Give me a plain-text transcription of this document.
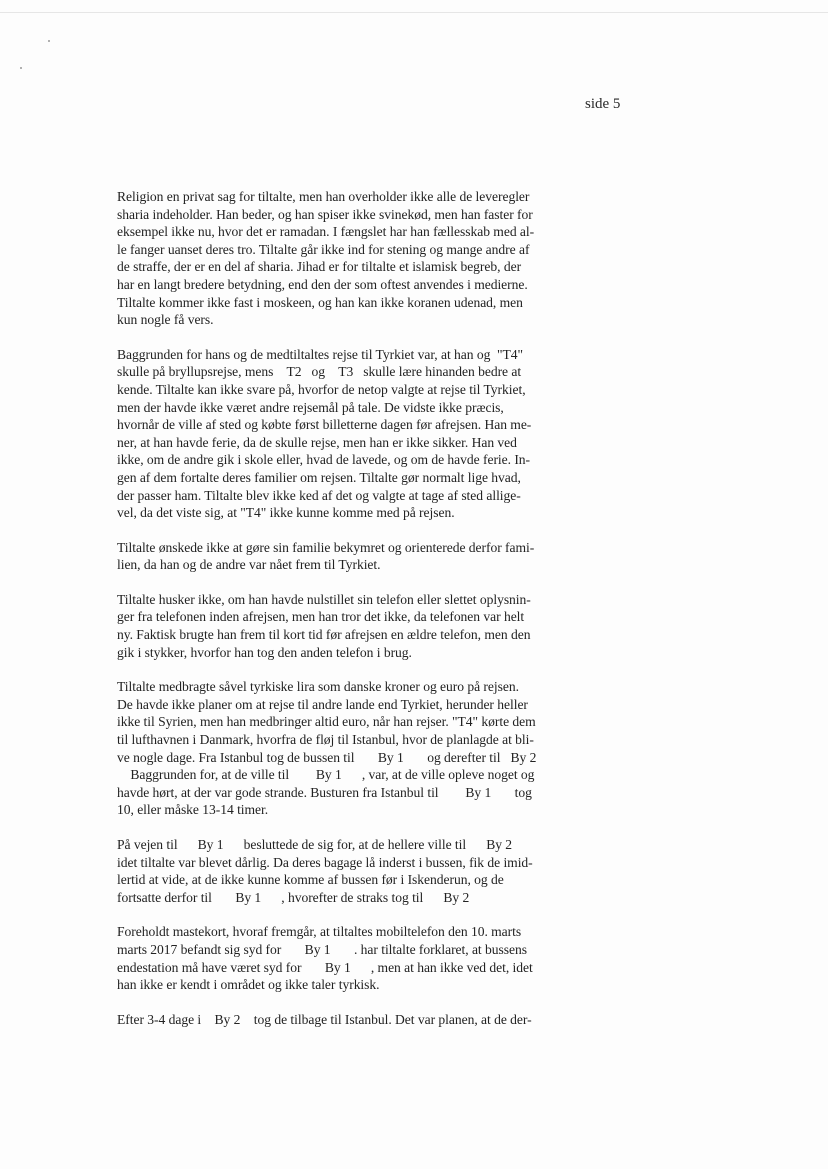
side 5
Religion en privat sag for tiltalte, men han overholder ikke alle de leveregler
sharia indeholder. Han beder, og han spiser ikke svinekød, men han faster for
eksempel ikke nu, hvor det er ramadan. I fængslet har han fællesskab med al-
le fanger uanset deres tro. Tiltalte går ikke ind for stening og mange andre af
de straffe, der er en del af sharia. Jihad er for tiltalte et islamisk begreb, der
har en langt bredere betydning, end den der som oftest anvendes i medierne.
Tiltalte kommer ikke fast i moskeen, og han kan ikke koranen udenad, men
kun nogle få vers.
Baggrunden for hans og de medtiltaltes rejse til Tyrkiet var, at han og  "T4"
skulle på bryllupsrejse, mens    T2   og    T3   skulle lære hinanden bedre at
kende. Tiltalte kan ikke svare på, hvorfor de netop valgte at rejse til Tyrkiet,
men der havde ikke været andre rejsemål på tale. De vidste ikke præcis,
hvornår de ville af sted og købte først billetterne dagen før afrejsen. Han me-
ner, at han havde ferie, da de skulle rejse, men han er ikke sikker. Han ved
ikke, om de andre gik i skole eller, hvad de lavede, og om de havde ferie. In-
gen af dem fortalte deres familier om rejsen. Tiltalte gør normalt lige hvad,
der passer ham. Tiltalte blev ikke ked af det og valgte at tage af sted allige-
vel, da det viste sig, at "T4" ikke kunne komme med på rejsen.
Tiltalte ønskede ikke at gøre sin familie bekymret og orienterede derfor fami-
lien, da han og de andre var nået frem til Tyrkiet.
Tiltalte husker ikke, om han havde nulstillet sin telefon eller slettet oplysnin-
ger fra telefonen inden afrejsen, men han tror det ikke, da telefonen var helt
ny. Faktisk brugte han frem til kort tid før afrejsen en ældre telefon, men den
gik i stykker, hvorfor han tog den anden telefon i brug.
Tiltalte medbragte såvel tyrkiske lira som danske kroner og euro på rejsen.
De havde ikke planer om at rejse til andre lande end Tyrkiet, herunder heller
ikke til Syrien, men han medbringer altid euro, når han rejser. "T4" kørte dem
til lufthavnen i Danmark, hvorfra de fløj til Istanbul, hvor de planlagde at bli-
ve nogle dage. Fra Istanbul tog de bussen til       By 1       og derefter til   By 2
Baggrunden for, at de ville til        By 1      , var, at de ville opleve noget og
havde hørt, at der var gode strande. Busturen fra Istanbul til        By 1       tog
10, eller måske 13-14 timer.
På vejen til      By 1      besluttede de sig for, at de hellere ville til      By 2
idet tiltalte var blevet dårlig. Da deres bagage lå inderst i bussen, fik de imid-
lertid at vide, at de ikke kunne komme af bussen før i Iskenderun, og de
fortsatte derfor til       By 1      , hvorefter de straks tog til      By 2
Foreholdt mastekort, hvoraf fremgår, at tiltaltes mobiltelefon den 10. marts
marts 2017 befandt sig syd for       By 1       . har tiltalte forklaret, at bussens
endestation må have været syd for       By 1      , men at han ikke ved det, idet
han ikke er kendt i området og ikke taler tyrkisk.
Efter 3-4 dage i    By 2    tog de tilbage til Istanbul. Det var planen, at de der-
